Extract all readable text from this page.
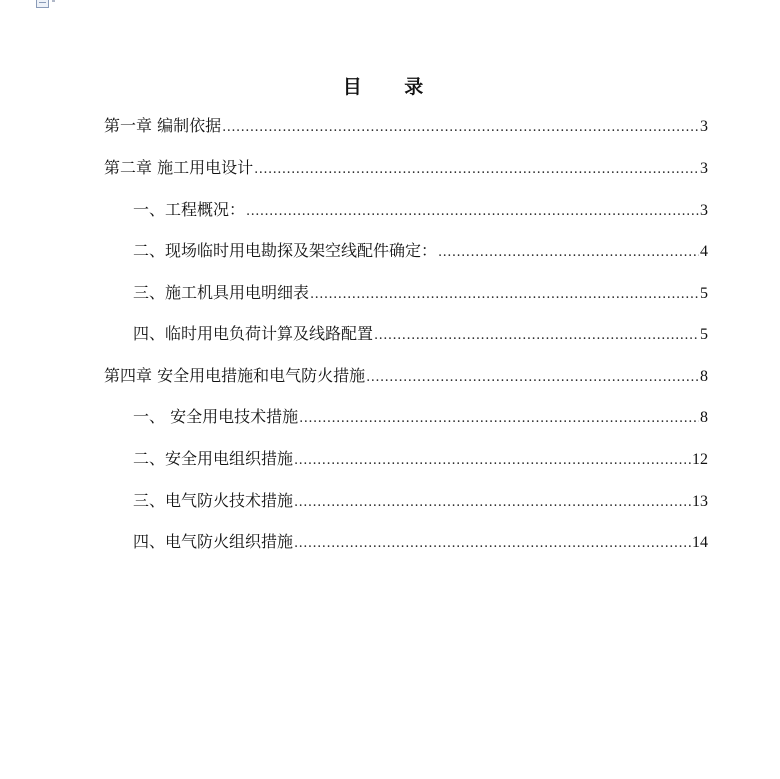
目 录
第一章 编制依据 .....	3
第二章 施工用电设计 .....	3
一、工程概况： .....	3
二、现场临时用电勘探及架空线配件确定： .....	4
三、施工机具用电明细表 .....	5
四、临时用电负荷计算及线路配置 .....	5
第四章 安全用电措施和电气防火措施 .....	8
一、 安全用电技术措施 .....	8
二、安全用电组织措施 .....	12
三、电气防火技术措施 .....	13
四、电气防火组织措施 .....	14
